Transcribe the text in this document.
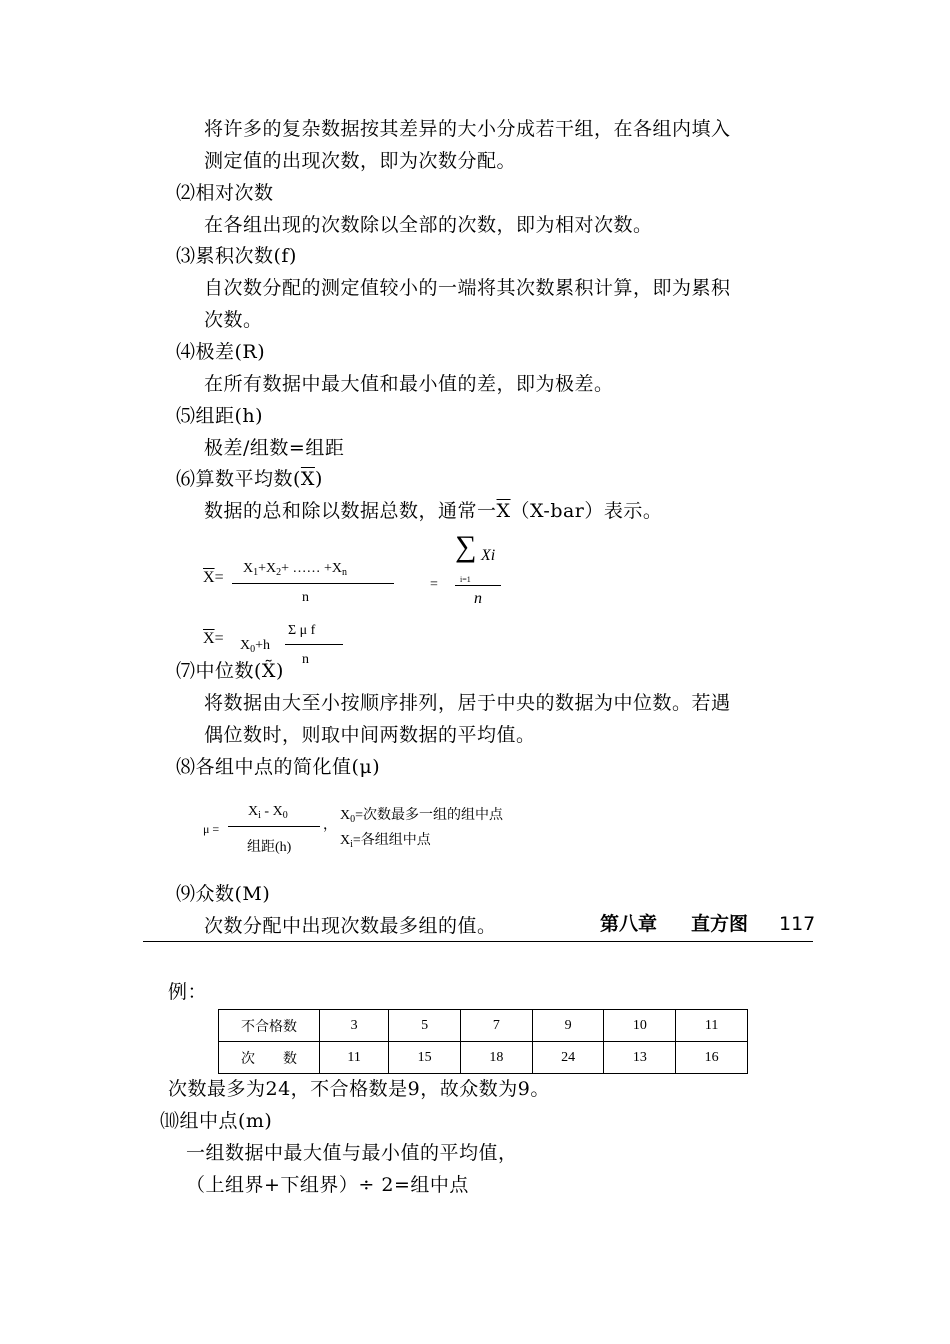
将许多的复杂数据按其差异的大小分成若干组，在各组内填入
测定值的出现次数，即为次数分配。
⑵相对次数
在各组出现的次数除以全部的次数，即为相对次数。
⑶累积次数(f)
自次数分配的测定值较小的一端将其次数累积计算，即为累积
次数。
⑷极差(R)
在所有数据中最大值和最小值的差，即为极差。
⑸组距(h)
极差/组数=组距
⑹算数平均数$(\overline{X})$
数据的总和除以数据总数，通常一$\overline{X}(X-bar)$表示。
$\overline{X}=$
$X_1+X_2+$ …… $+X_n$
n
=
∑ Xi
i=1
n
$\overline{X}= X_0+h$
Σ μ f
n
⑺中位数(X̃)
将数据由大至小按顺序排列，居于中央的数据为中位数。若遇
偶位数时，则取中间两数据的平均值。
⑻各组中点的简化值(μ)
μ =
$X_i - X_0$
组距(h)
，
$X_0=$次数最多一组的组中点
$X_i=$各组组中点
⑼众数(M)
次数分配中出现次数最多组的值。	第八章 直方图 117
例：
不合格数	3	5	7	9	10	11
次　　数	11	15	18	24	13	16
次数最多为24，不合格数是9，故众数为9。
⑽组中点(m)
一组数据中最大值与最小值的平均值，
（上组界+下组界）÷ 2=组中点
